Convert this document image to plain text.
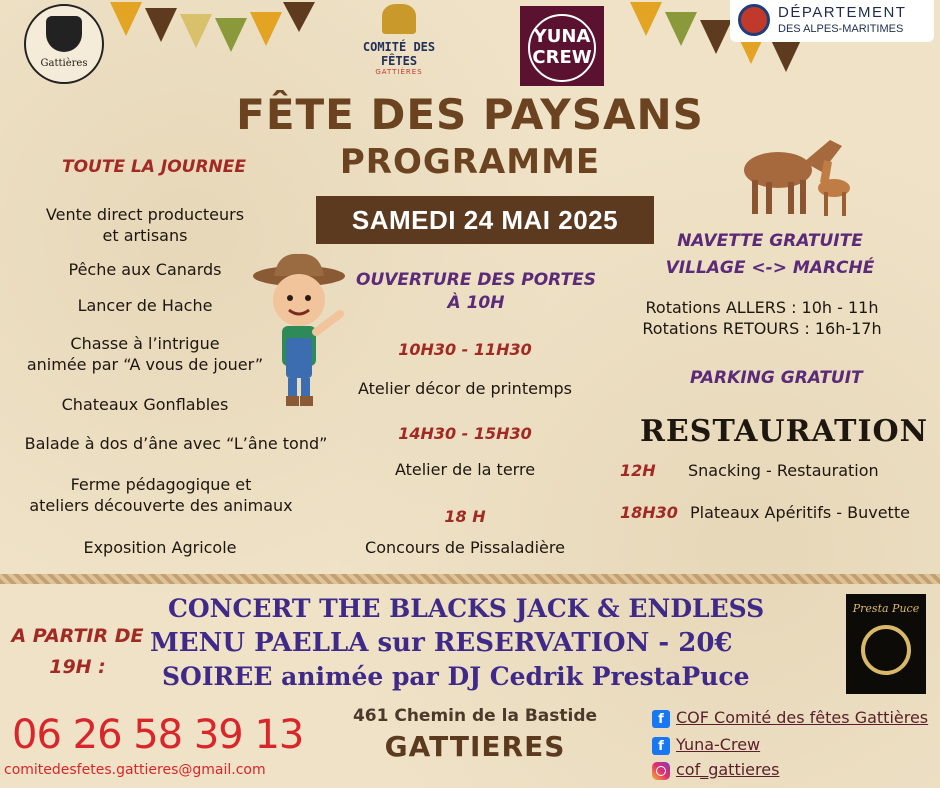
Gattières
COMITÉ DES
FÊTES
GATTIÈRES
YUNA
CREW
DÉPARTEMENT
DES ALPES-MARITIMES
FÊTE DES PAYSANS
PROGRAMME
SAMEDI 24 MAI 2025
TOUTE LA JOURNEE
Vente direct producteurs
et artisans
Pêche aux Canards
Lancer de Hache
Chasse à l’intrigue
animée par “A vous de jouer”
Chateaux Gonflables
Balade à dos d’âne avec “L’âne tond”
Ferme pédagogique et
ateliers découverte des animaux
Exposition Agricole
OUVERTURE DES PORTES
À 10H
10H30 - 11H30
Atelier décor de printemps
14H30 - 15H30
Atelier de la terre
18 H
Concours de Pissaladière
NAVETTE GRATUITE
VILLAGE <-> MARCHÉ
Rotations ALLERS : 10h - 11h
Rotations RETOURS : 16h-17h
PARKING GRATUIT
RESTAURATION
12H Snacking - Restauration
18H30 Plateaux Apéritifs - Buvette
A PARTIR DE
19H :
CONCERT THE BLACKS JACK & ENDLESS
MENU PAELLA sur RESERVATION - 20€
SOIREE animée par DJ Cedrik PrestaPuce
Presta Puce
06 26 58 39 13
comitedesfetes.gattieres@gmail.com
461 Chemin de la Bastide
GATTIERES
f COF Comité des fêtes Gattières
f Yuna-Crew
cof_gattieres
